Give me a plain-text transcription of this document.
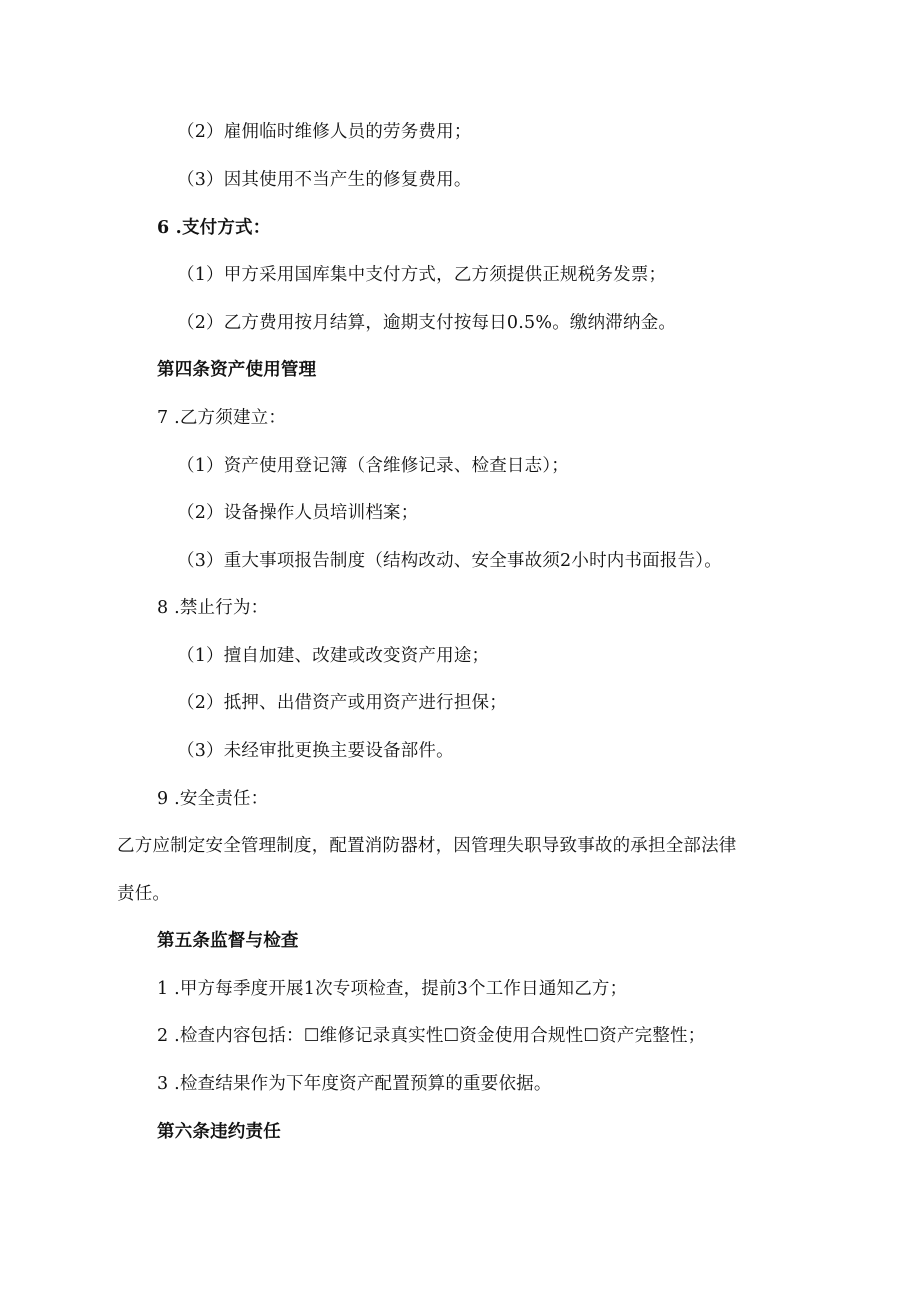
（2）雇佣临时维修人员的劳务费用；
（3）因其使用不当产生的修复费用。
6 .支付方式：
（1）甲方采用国库集中支付方式，乙方须提供正规税务发票；
（2）乙方费用按月结算，逾期支付按每日0.5%。缴纳滞纳金。
第四条资产使用管理
7 .乙方须建立：
（1）资产使用登记簿（含维修记录、检查日志）；
（2）设备操作人员培训档案；
（3）重大事项报告制度（结构改动、安全事故须2小时内书面报告）。
8 .禁止行为：
（1）擅自加建、改建或改变资产用途；
（2）抵押、出借资产或用资产进行担保；
（3）未经审批更换主要设备部件。
9 .安全责任：
乙方应制定安全管理制度，配置消防器材，因管理失职导致事故的承担全部法律
责任。
第五条监督与检查
1 .甲方每季度开展1次专项检查，提前3个工作日通知乙方；
2 .检查内容包括：☐维修记录真实性☐资金使用合规性☐资产完整性；
3 .检查结果作为下年度资产配置预算的重要依据。
第六条违约责任
